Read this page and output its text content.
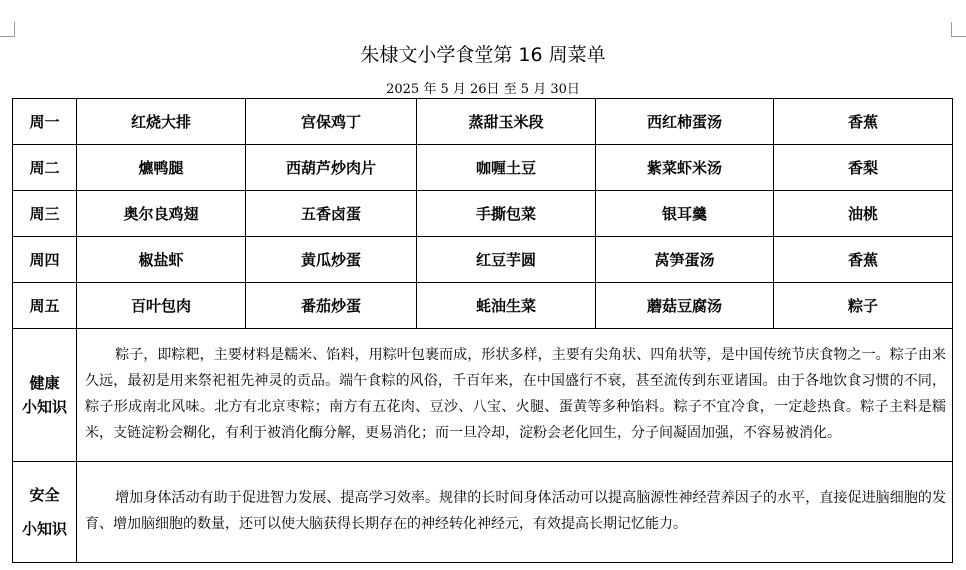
朱棣文小学食堂第 16 周菜单
2025 年 5 月 26日 至 5 月 30日
周一	红烧大排	宫保鸡丁	蒸甜玉米段	西红柿蛋汤	香蕉
周二	爊鸭腿	西葫芦炒肉片	咖喱土豆	紫菜虾米汤	香梨
周三	奥尔良鸡翅	五香卤蛋	手撕包菜	银耳羹	油桃
周四	椒盐虾	黄瓜炒蛋	红豆芋圆	莴笋蛋汤	香蕉
周五	百叶包肉	番茄炒蛋	蚝油生菜	蘑菇豆腐汤	粽子

健康
小知识	粽子，即粽粑，主要材料是糯米、馅料，用粽叶包裹而成，形状多样，主要有尖角状、四角状等，是中国传统节庆食物之一。粽子由来久远，最初是用来祭祀祖先神灵的贡品。端午食粽的风俗，千百年来，在中国盛行不衰，甚至流传到东亚诸国。由于各地饮食习惯的不同，粽子形成南北风味。北方有北京枣粽；南方有五花肉、豆沙、八宝、火腿、蛋黄等多种馅料。粽子不宜冷食，一定趁热食。粽子主料是糯米，支链淀粉会糊化，有利于被消化酶分解，更易消化；而一旦冷却，淀粉会老化回生，分子间凝固加强，不容易被消化。				

安全
小知识	增加身体活动有助于促进智力发展、提高学习效率。规律的长时间身体活动可以提高脑源性神经营养因子的水平，直接促进脑细胞的发育、增加脑细胞的数量，还可以使大脑获得长期存在的神经转化神经元，有效提高长期记忆能力。				
